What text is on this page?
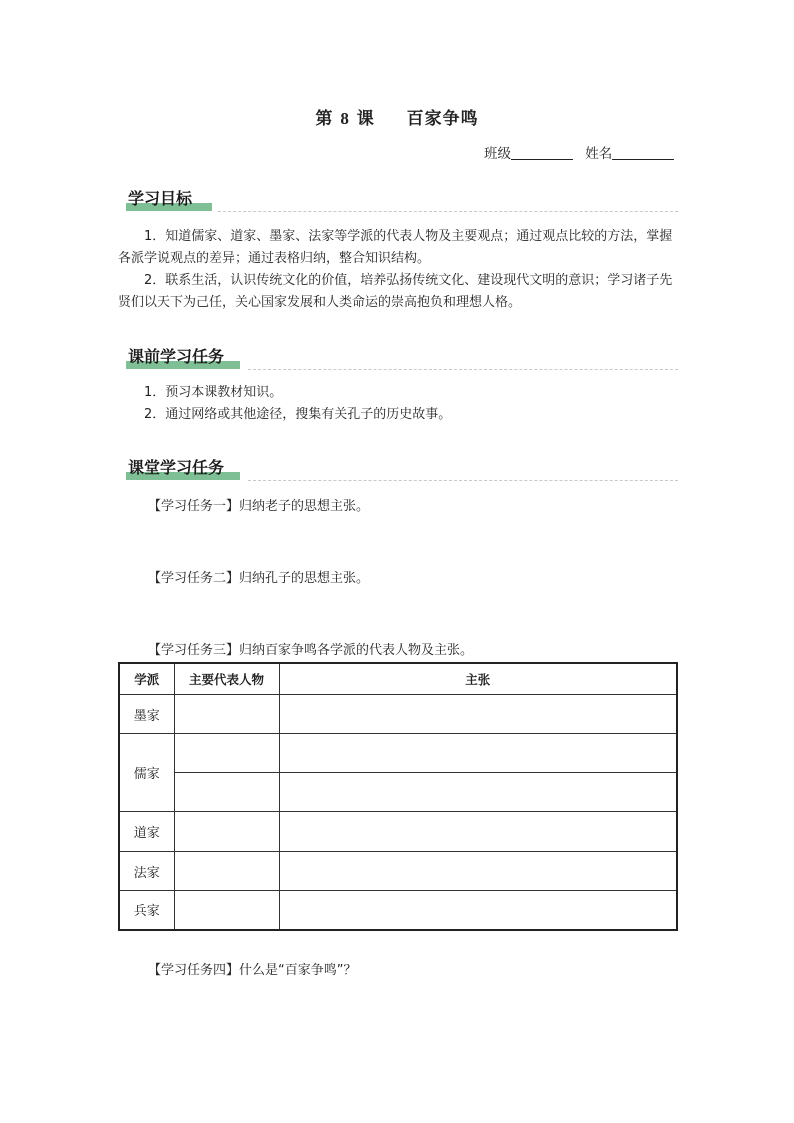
第 8 课 百家争鸣
班级	姓名
学习目标

1．知道儒家、道家、墨家、法家等学派的代表人物及主要观点；通过观点比较的方法，掌握各派学说观点的差异；通过表格归纳，整合知识结构。

2．联系生活，认识传统文化的价值，培养弘扬传统文化、建设现代文明的意识；学习诸子先贤们以天下为己任，关心国家发展和人类命运的崇高抱负和理想人格。

课前学习任务

1．预习本课教材知识。

2．通过网络或其他途径，搜集有关孔子的历史故事。

课堂学习任务
【学习任务一】归纳老子的思想主张。
【学习任务二】归纳孔子的思想主张。
【学习任务三】归纳百家争鸣各学派的代表人物及主张。
学派	主要代表人物	主张
墨家		
儒家		

道家		
法家		
兵家		
【学习任务四】什么是“百家争鸣”？
